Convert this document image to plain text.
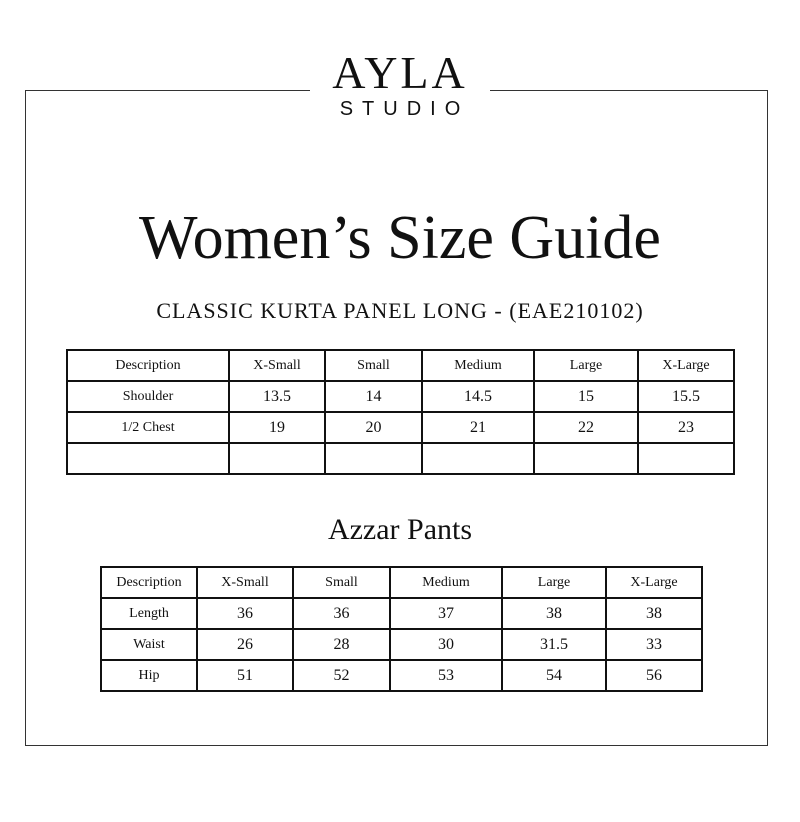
AYLA
STUDIO
Women’s Size Guide
CLASSIC KURTA PANEL LONG - (EAE210102)
Description	X-Small	Small	Medium	Large	X-Large
Shoulder	13.5	14	14.5	15	15.5
1/2 Chest	19	20	21	22	23

Azzar Pants
Description	X-Small	Small	Medium	Large	X-Large
Length	36	36	37	38	38
Waist	26	28	30	31.5	33
Hip	51	52	53	54	56
